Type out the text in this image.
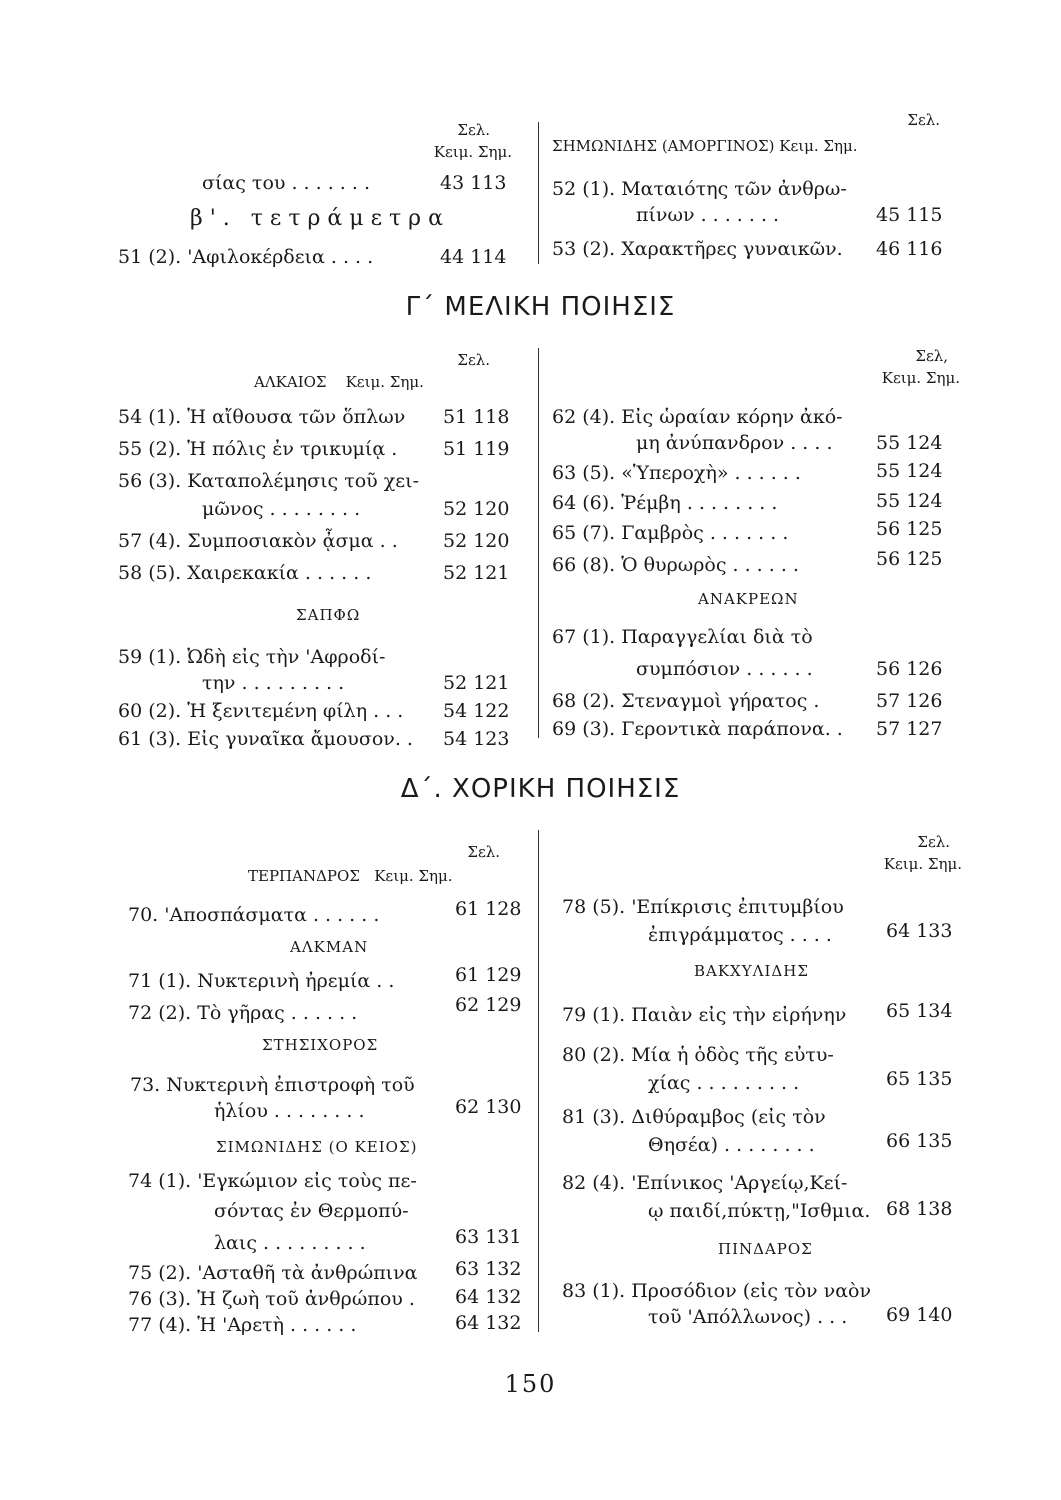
Σελ.
Κειμ. Σημ.
σίας του . . . . . . .	43 113
β'. τετράμετρα
51 (2). 'Αφιλοκέρδεια . . . .	44 114
Σελ.
ΣΗΜΩΝΙΔΗΣ (ΑΜΟΡΓΙΝΟΣ) Κειμ. Σημ.
52 (1). Ματαιότης τῶν ἀνθρω-
πίνων . . . . . . .	45 115
53 (2). Χαρακτῆρες γυναικῶν. 46 116
Γ΄ ΜΕΛΙΚΗ ΠΟΙΗΣΙΣ
Σελ.
ΑΛΚΑΙΟΣ    Κειμ. Σημ.
54 (1). Ἡ αἴθουσα τῶν ὅπλων 51 118
55 (2). Ἡ πόλις ἐν τρικυμίᾳ . 51 119
56 (3). Καταπολέμησις τοῦ χει-
μῶνος . . . . . . . .	52 120
57 (4). Συμποσιακὸν ᾆσμα . . 52 120
58 (5). Χαιρεκακία . . . . . .	52 121
ΣΑΠΦΩ
59 (1). Ὠδὴ εἰς τὴν 'Αφροδί-
την . . . . . . . . .	52 121
60 (2). Ἡ ξενιτεμένη φίλη . . . 54 122
61 (3). Εἰς γυναῖκα ἄμουσον. . 54 123
Σελ,
Κειμ. Σημ.
62 (4). Εἰς ὡραίαν κόρην ἀκό-
μη ἀνύπανδρον . . . . 55 124
63 (5). «Ὑπεροχὴ» . . . . . .	55 124
64 (6). Ῥέμβη . . . . . . . .	55 124
65 (7). Γαμβρὸς . . . . . . .	56 125
66 (8). Ὁ θυρωρὸς . . . . . .	56 125
ΑΝΑΚΡΕΩΝ
67 (1). Παραγγελίαι διὰ τὸ
συμπόσιον . . . . . .	56 126
68 (2). Στεναγμοὶ γήρατος .	57 126
69 (3). Γεροντικὰ παράπονα. . 57 127
Δ΄. ΧΟΡΙΚΗ ΠΟΙΗΣΙΣ
Σελ.
ΤΕΡΠΑΝΔΡΟΣ   Κειμ. Σημ.
70. 'Αποσπάσματα . . . . . .	61 128
ΑΛΚΜΑΝ
71 (1). Νυκτερινὴ ἠρεμία . .	61 129
72 (2). Τὸ γῆρας . . . . . .	62 129
ΣΤΗΣΙΧΟΡΟΣ
73. Νυκτερινὴ ἐπιστροφὴ τοῦ
ἡλίου . . . . . . . .	62 130
ΣΙΜΩΝΙΔΗΣ (Ο ΚΕΙΟΣ)
74 (1). 'Εγκώμιον εἰς τοὺς πε-
σόντας ἐν Θερμοπύ-
λαις . . . . . . . . .	63 131
75 (2). 'Ασταθῆ τὰ ἀνθρώπινα 63 132
76 (3). Ἡ ζωὴ τοῦ ἀνθρώπου . 64 132
77 (4). Ἡ 'Αρετὴ . . . . . .	64 132
Σελ.
Κειμ. Σημ.
78 (5). 'Επίκρισις ἐπιτυμβίου
ἐπιγράμματος . . . .	64 133
ΒΑΚΧΥΛΙΔΗΣ
79 (1). Παιὰν εἰς τὴν εἰρήνην 65 134
80 (2). Μία ἡ ὁδὸς τῆς εὐτυ-
χίας . . . . . . . . .	65 135
81 (3). Διθύραμβος (εἰς τὸν
Θησέα) . . . . . . . .	66 135
82 (4). 'Επίνικος 'Αργείῳ,Κεί-
ῳ παιδί,πύκτῃ,"Ισθμια. 68 138
ΠΙΝΔΑΡΟΣ
83 (1). Προσόδιον (εἰς τὸν ναὸν
τοῦ 'Απόλλωνος) . . . 69 140
150
